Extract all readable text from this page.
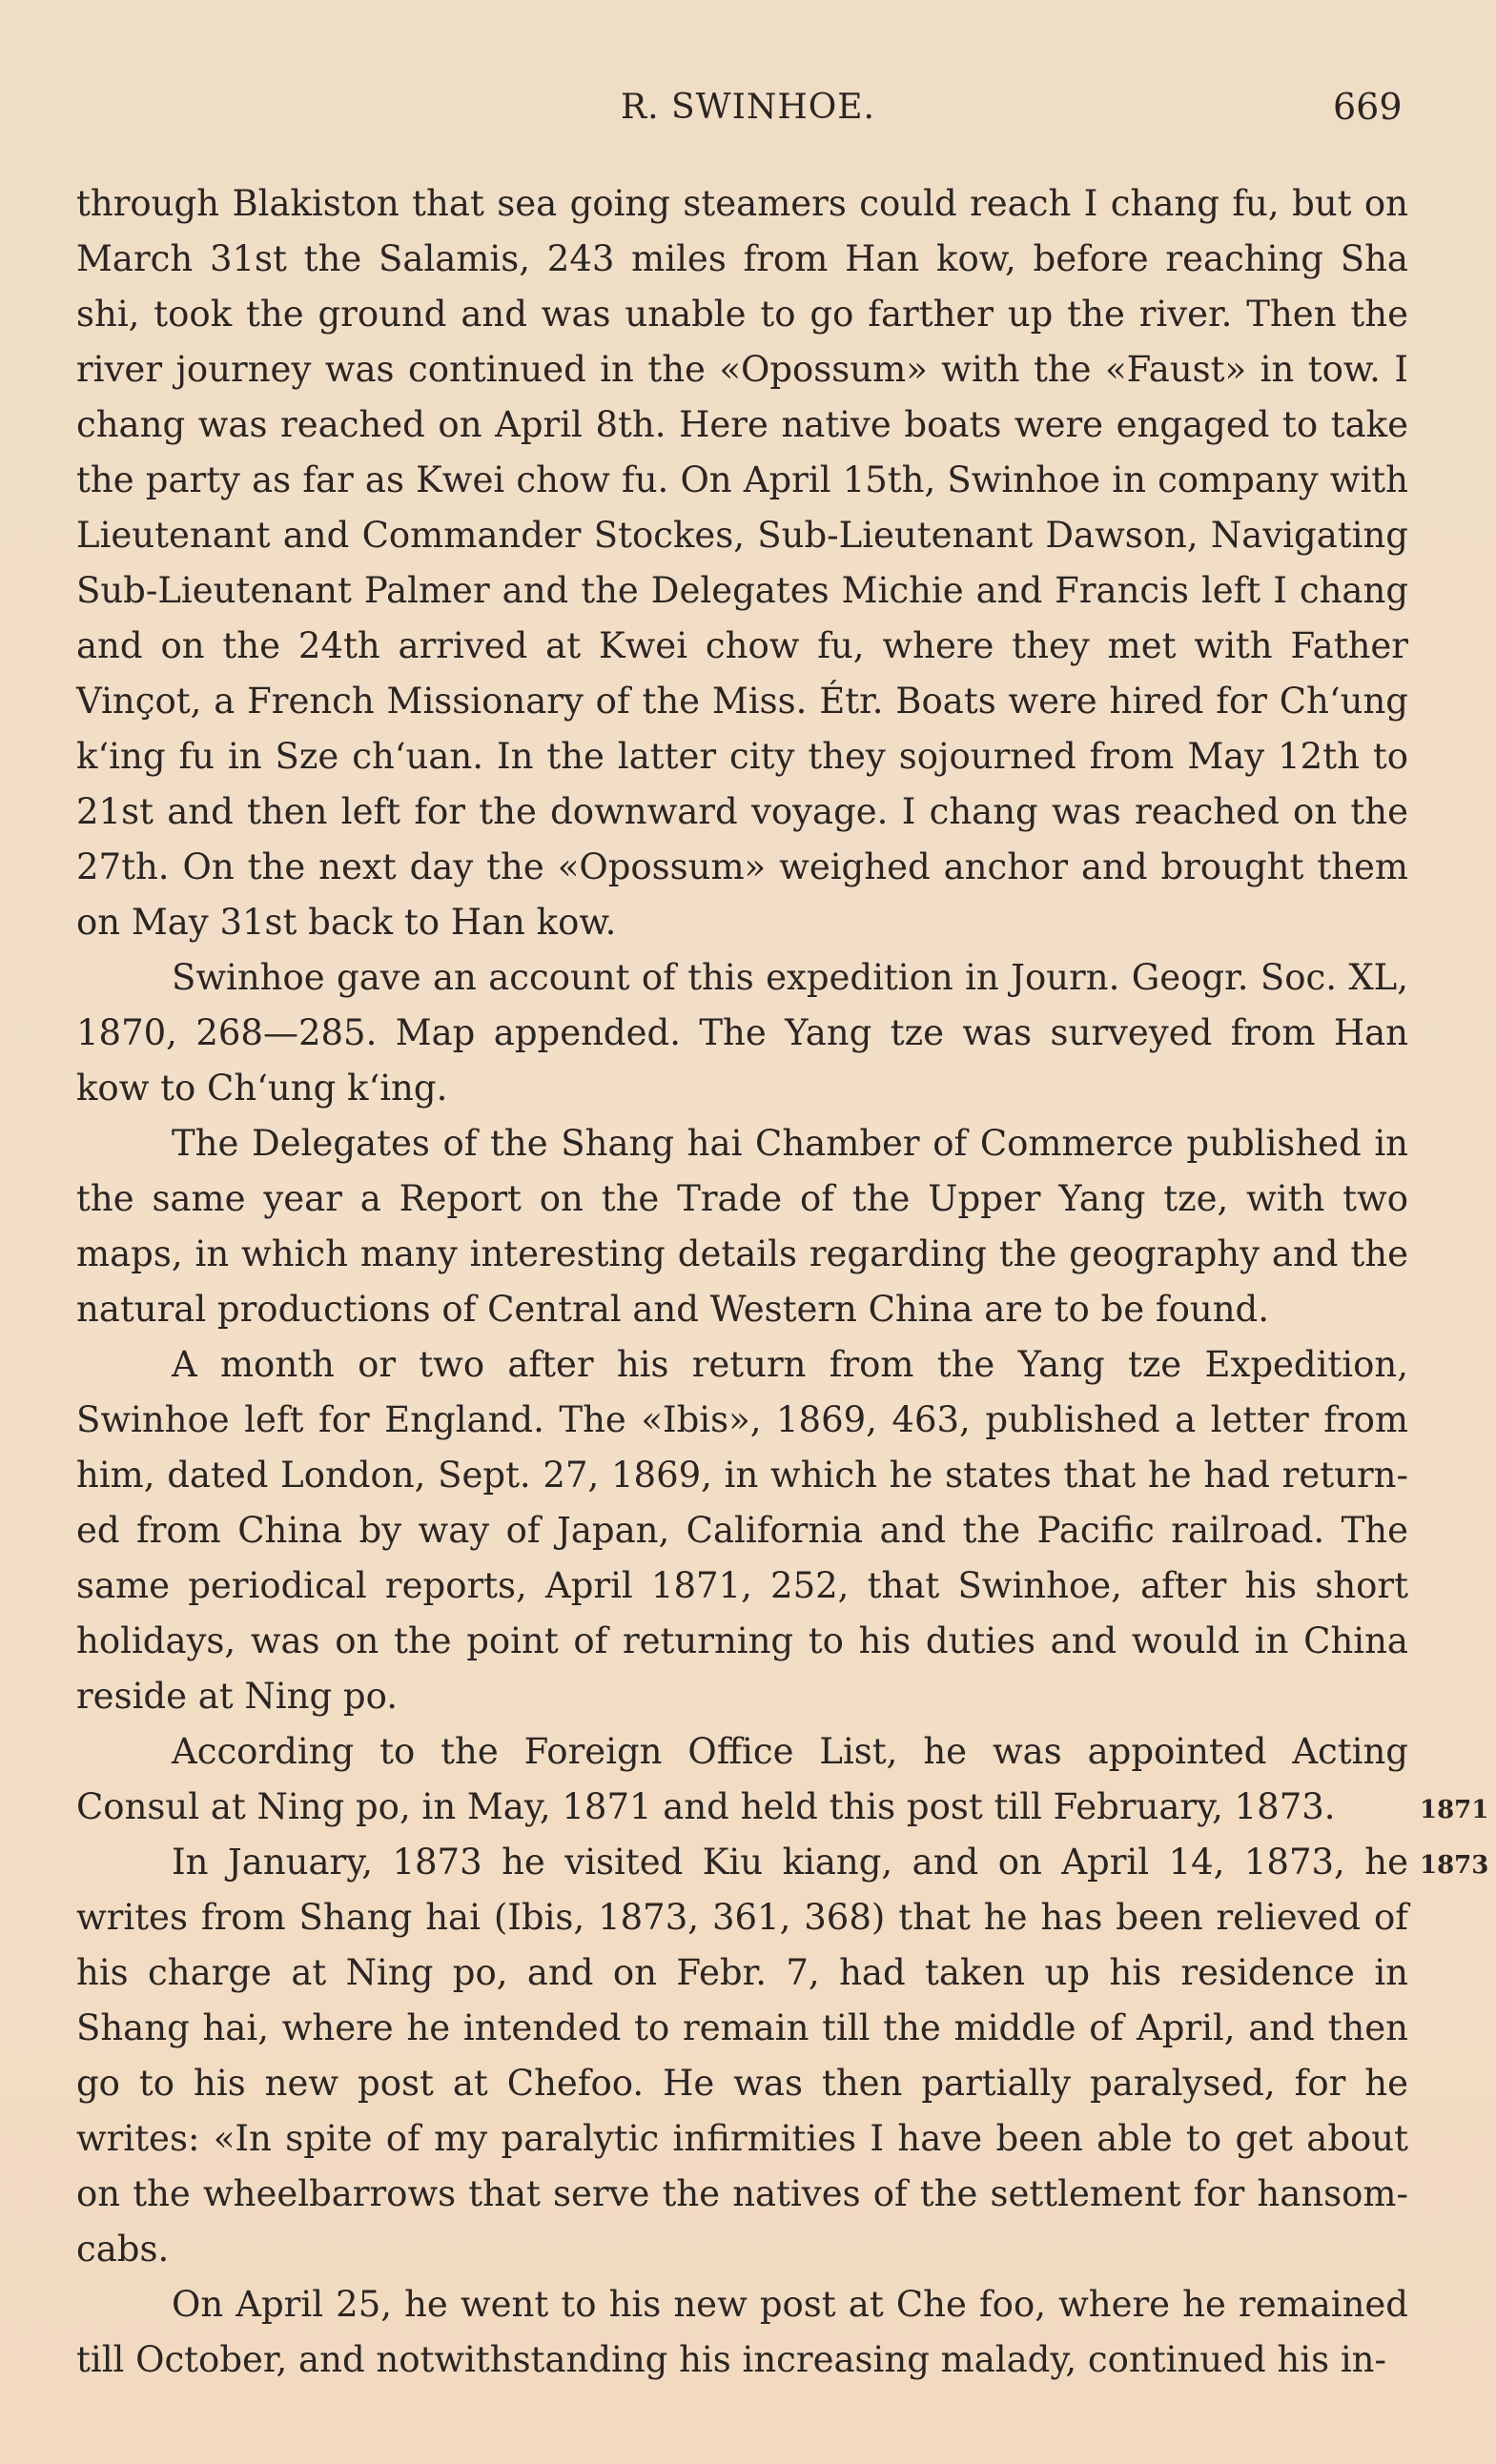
R. SWINHOE.	669

through Blakiston that sea going steamers could reach I chang fu, but on March 31st the Salamis, 243 miles from Han kow, before reaching Sha shi, took the ground and was unable to go farther up the river. Then the river journey was continued in the «Opossum» with the «Faust» in tow. I chang was reached on April 8th. Here native boats were engaged to take the party as far as Kwei chow fu. On April 15th, Swinhoe in company with Lieutenant and Commander Stockes, Sub-Lieutenant Dawson, Navigating Sub-Lieutenant Palmer and the Delegates Michie and Francis left I chang and on the 24th arrived at Kwei chow fu, where they met with Father Vinçot, a French Missionary of the Miss. Étr. Boats were hired for Chʻung kʻing fu in Sze chʻuan. In the latter city they sojourned from May 12th to 21st and then left for the downward voyage. I chang was reached on the 27th. On the next day the «Opossum» weighed anchor and brought them on May 31st back to Han kow.

Swinhoe gave an account of this expedition in Journ. Geogr. Soc. XL, 1870, 268—285. Map appended. The Yang tze was surveyed from Han kow to Chʻung kʻing.

The Delegates of the Shang hai Chamber of Commerce published in the same year a Report on the Trade of the Upper Yang tze, with two maps, in which many interesting details regarding the geography and the natural productions of Central and Western China are to be found.

A month or two after his return from the Yang tze Expedition, Swinhoe left for England. The «Ibis», 1869, 463, published a letter from him, dated London, Sept. 27, 1869, in which he states that he had returned from China by way of Japan, California and the Pacific railroad. The same periodical reports, April 1871, 252, that Swinhoe, after his short holidays, was on the point of returning to his duties and would in China reside at Ning po.

According to the Foreign Office List, he was appointed Acting Consul at Ning po, in May, 1871 and held this post till February, 1873.

In January, 1873 he visited Kiu kiang, and on April 14, 1873, he writes from Shang hai (Ibis, 1873, 361, 368) that he has been relieved of his charge at Ning po, and on Febr. 7, had taken up his residence in Shang hai, where he intended to remain till the middle of April, and then go to his new post at Chefoo. He was then partially paralysed, for he writes: «In spite of my paralytic infirmities I have been able to get about on the wheelbarrows that serve the natives of the settlement for hansom-cabs.

On April 25, he went to his new post at Che foo, where he remained till October, and notwithstanding his increasing malady, continued his in-

1871
1873
